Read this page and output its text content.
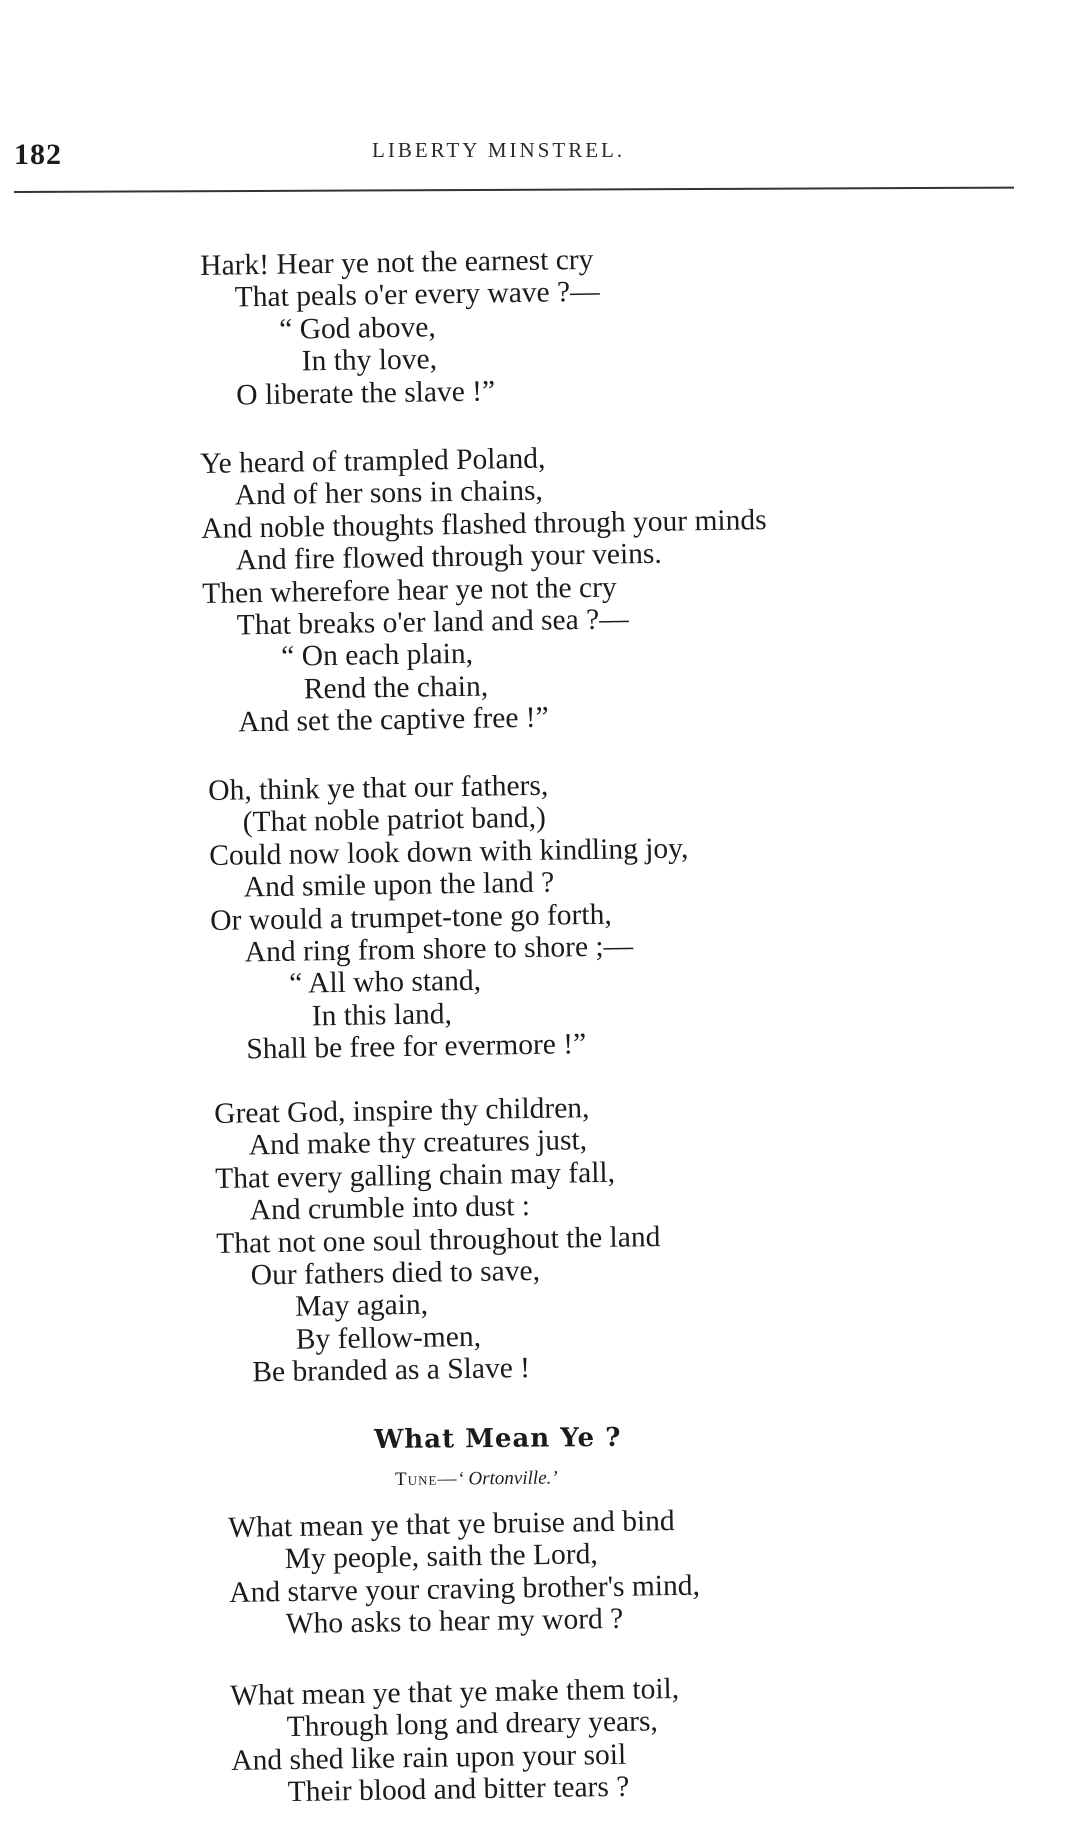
182	LIBERTY MINSTREL.
Hark! Hear ye not the earnest cry
That peals o'er every wave ?—
“ God above,
In thy love,
O liberate the slave !”
Ye heard of trampled Poland,
And of her sons in chains,
And noble thoughts flashed through your minds
And fire flowed through your veins.
Then wherefore hear ye not the cry
That breaks o'er land and sea ?—
“ On each plain,
Rend the chain,
And set the captive free !”
Oh, think ye that our fathers,
(That noble patriot band,)
Could now look down with kindling joy,
And smile upon the land ?
Or would a trumpet-tone go forth,
And ring from shore to shore ;—
“ All who stand,
In this land,
Shall be free for evermore !”
Great God, inspire thy children,
And make thy creatures just,
That every galling chain may fall,
And crumble into dust :
That not one soul throughout the land
Our fathers died to save,
May again,
By fellow-men,
Be branded as a Slave !
What Mean Ye ?
Tune—‘ Ortonville.’
What mean ye that ye bruise and bind
My people, saith the Lord,
And starve your craving brother's mind,
Who asks to hear my word ?
What mean ye that ye make them toil,
Through long and dreary years,
And shed like rain upon your soil
Their blood and bitter tears ?
